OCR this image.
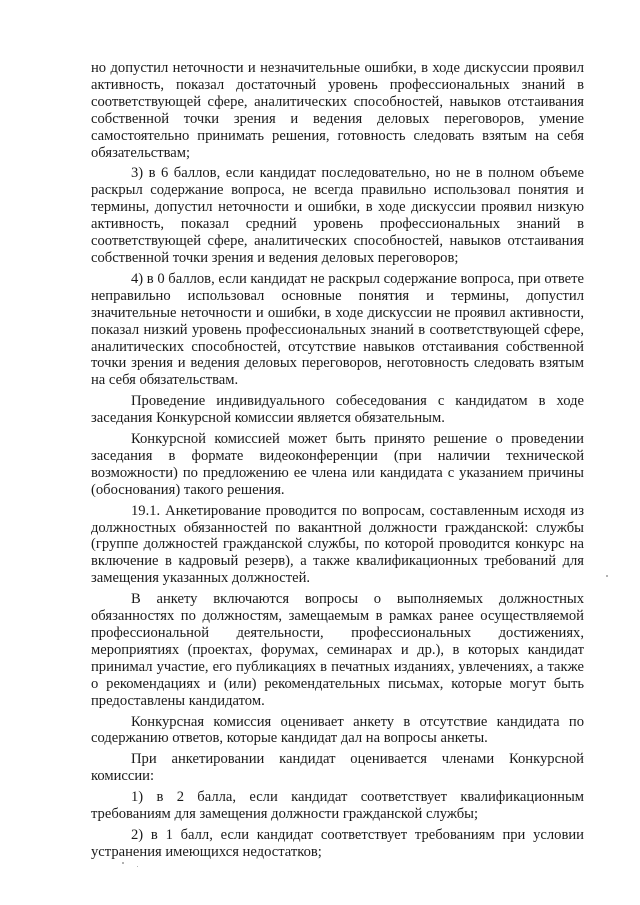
но допустил неточности и незначительные ошибки, в ходе дискуссии проявил активность, показал достаточный уровень профессиональных знаний в соответствующей сфере, аналитических способностей, навыков отстаивания собственной точки зрения и ведения деловых переговоров, умение самостоятельно принимать решения, готовность следовать взятым на себя обязательствам;

3) в 6 баллов, если кандидат последовательно, но не в полном объеме раскрыл содержание вопроса, не всегда правильно использовал понятия и термины, допустил неточности и ошибки, в ходе дискуссии проявил низкую активность, показал средний уровень профессиональных знаний в соответствующей сфере, аналитических способностей, навыков отстаивания собственной точки зрения и ведения деловых переговоров;

4) в 0 баллов, если кандидат не раскрыл содержание вопроса, при ответе неправильно использовал основные понятия и термины, допустил значительные неточности и ошибки, в ходе дискуссии не проявил активности, показал низкий уровень профессиональных знаний в соответствующей сфере, аналитических способностей, отсутствие навыков отстаивания собственной точки зрения и ведения деловых переговоров, неготовность следовать взятым на себя обязательствам.

Проведение индивидуального собеседования с кандидатом в ходе заседания Конкурсной комиссии является обязательным.

Конкурсной комиссией может быть принято решение о проведении заседания в формате видеоконференции (при наличии технической возможности) по предложению ее члена или кандидата с указанием причины (обоснования) такого решения.

19.1. Анкетирование проводится по вопросам, составленным исходя из должностных обязанностей по вакантной должности гражданской: службы (группе должностей гражданской службы, по которой проводится конкурс на включение в кадровый резерв), а также квалификационных требований для замещения указанных должностей.

В анкету включаются вопросы о выполняемых должностных обязанностях по должностям, замещаемым в рамках ранее осуществляемой профессиональной деятельности, профессиональных достижениях, мероприятиях (проектах, форумах, семинарах и др.), в которых кандидат принимал участие, его публикациях в печатных изданиях, увлечениях, а также о рекомендациях и (или) рекомендательных письмах, которые могут быть предоставлены кандидатом.

Конкурсная комиссия оценивает анкету в отсутствие кандидата по содержанию ответов, которые кандидат дал на вопросы анкеты.

При анкетировании кандидат оценивается членами Конкурсной комиссии:

1) в 2 балла, если кандидат соответствует квалификационным требованиям для замещения должности гражданской службы;

2) в 1 балл, если кандидат соответствует требованиям при условии устранения имеющихся недостатков;
